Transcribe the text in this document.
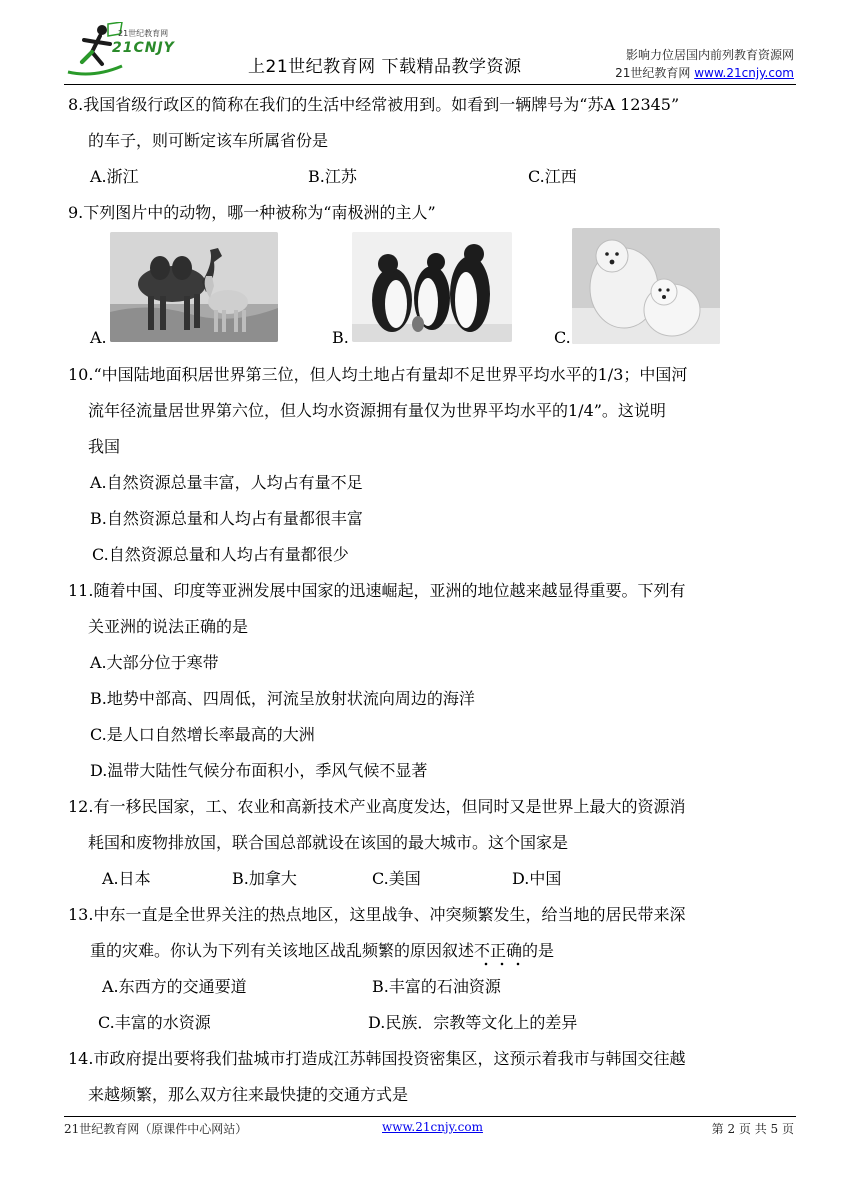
21世纪教育网
21CNJY
上21世纪教育网 下载精品教学资源
影响力位居国内前列教育资源网
21世纪教育网 www.21cnjy.com
8.我国省级行政区的简称在我们的生活中经常被用到。如看到一辆牌号为“苏A 12345”
的车子，则可断定该车所属省份是
A.浙江	B.江苏	C.江西
9.下列图片中的动物，哪一种被称为“南极洲的主人”
A.	B.	C.
10.“中国陆地面积居世界第三位，但人均土地占有量却不足世界平均水平的1/3；中国河
流年径流量居世界第六位，但人均水资源拥有量仅为世界平均水平的1/4”。这说明
我国
A.自然资源总量丰富，人均占有量不足
B.自然资源总量和人均占有量都很丰富
C.自然资源总量和人均占有量都很少
11.随着中国、印度等亚洲发展中国家的迅速崛起，亚洲的地位越来越显得重要。下列有
关亚洲的说法正确的是
A.大部分位于寒带
B.地势中部高、四周低，河流呈放射状流向周边的海洋
C.是人口自然增长率最高的大洲
D.温带大陆性气候分布面积小，季风气候不显著
12.有一移民国家，工、农业和高新技术产业高度发达，但同时又是世界上最大的资源消
耗国和废物排放国，联合国总部就设在该国的最大城市。这个国家是
A.日本	B.加拿大	C.美国	D.中国
13.中东一直是全世界关注的热点地区，这里战争、冲突频繁发生，给当地的居民带来深
重的灾难。你认为下列有关该地区战乱频繁的原因叙述不正确的是
A.东西方的交通要道	B.丰富的石油资源
C.丰富的水资源	D.民族．宗教等文化上的差异
14.市政府提出要将我们盐城市打造成江苏韩国投资密集区，这预示着我市与韩国交往越
来越频繁，那么双方往来最快捷的交通方式是
21世纪教育网（原课件中心网站）	www.21cnjy.com	第 2 页 共 5 页
